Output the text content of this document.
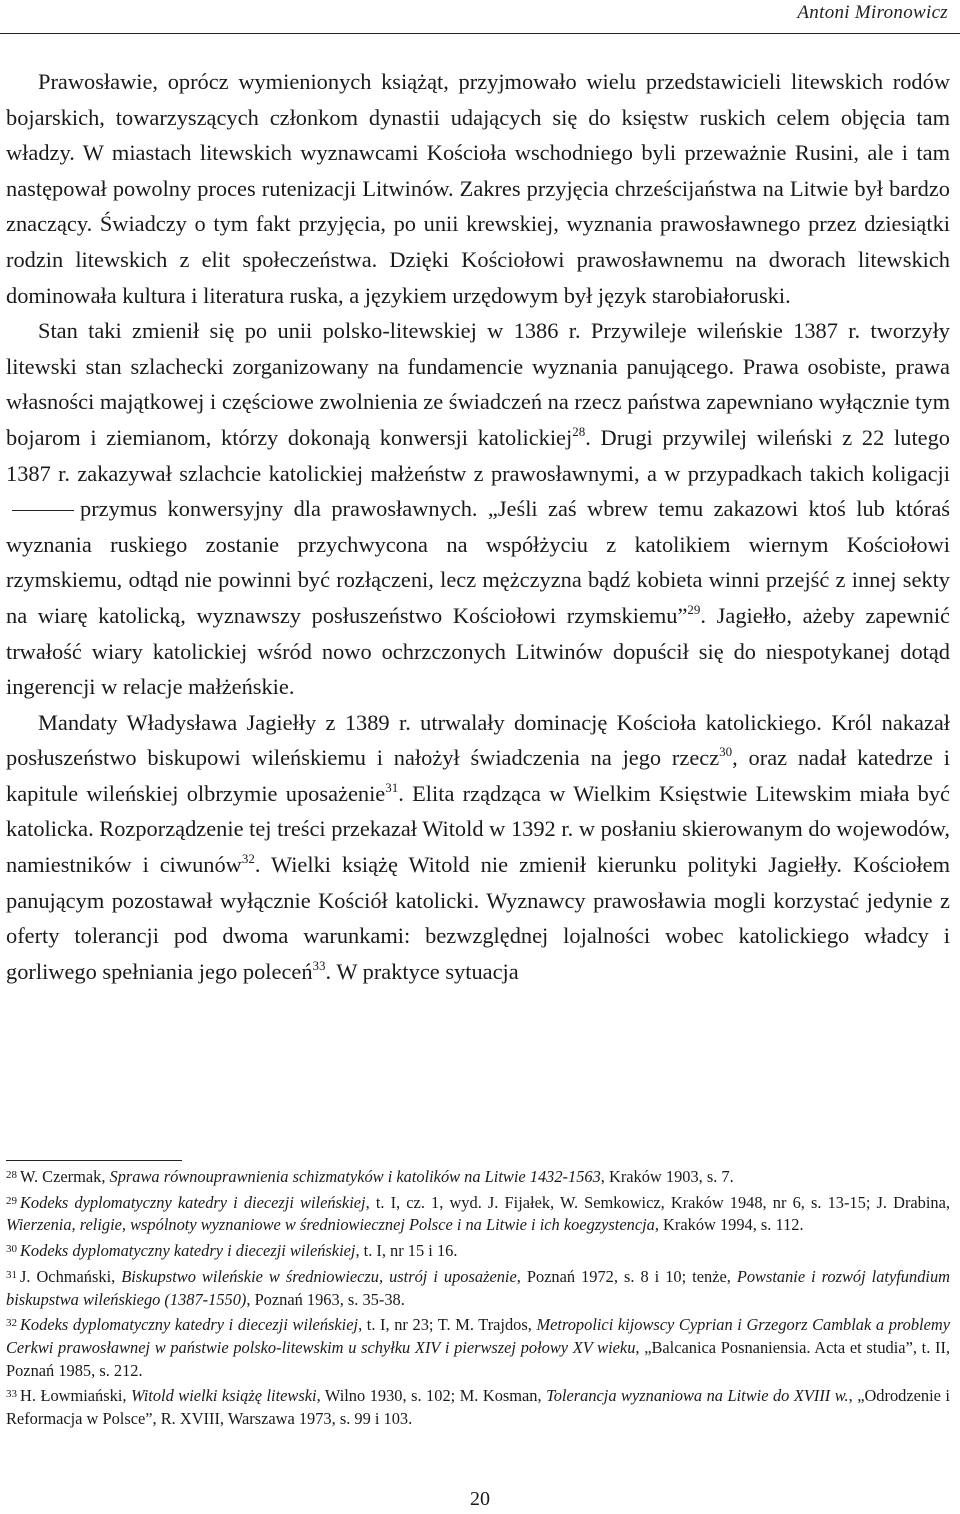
Antoni Mironowicz

Prawosławie, oprócz wymienionych książąt, przyjmowało wielu przedstawicieli litewskich rodów bojarskich, towarzyszących członkom dynastii udających się do księstw ruskich celem objęcia tam władzy. W miastach litewskich wyznawcami Kościoła wschodniego byli przeważnie Rusini, ale i tam następował powolny proces rutenizacji Litwinów. Zakres przyjęcia chrześcijaństwa na Litwie był bardzo znaczący. Świadczy o tym fakt przyjęcia, po unii krewskiej, wyznania prawosławnego przez dziesiątki rodzin litewskich z elit społeczeństwa. Dzięki Kościołowi prawosławnemu na dworach litewskich dominowała kultura i literatura ruska, a językiem urzędowym był język starobiałoruski.

Stan taki zmienił się po unii polsko-litewskiej w 1386 r. Przywileje wileńskie 1387 r. tworzyły litewski stan szlachecki zorganizowany na fundamencie wyznania panującego. Prawa osobiste, prawa własności majątkowej i częściowe zwolnienia ze świadczeń na rzecz państwa zapewniano wyłącznie tym bojarom i ziemianom, którzy dokonają konwersji katolickiej$^{28}$. Drugi przywilej wileński z 22 lutego 1387 r. zakazywał szlachcie katolickiej małżeństw z prawosławnymi, a w przypadkach takich koligacjiprzymus konwersyjny dla prawosławnych. „Jeśli zaś wbrew temu zakazowi ktoś lub któraś wyznania ruskiego zostanie przychwycona na współżyciu z katolikiem wiernym Kościołowi rzymskiemu, odtąd nie powinni być rozłączeni, lecz mężczyzna bądź kobieta winni przejść z innej sekty na wiarę katolicką, wyznawszy posłuszeństwo Kościołowi rzymskiemu”$^{29}$. Jagiełło, ażeby zapewnić trwałość wiary katolickiej wśród nowo ochrzczonych Litwinów dopuścił się do niespotykanej dotąd ingerencji w relacje małżeńskie.

Mandaty Władysława Jagiełły z 1389 r. utrwalały dominację Kościoła katolickiego. Król nakazał posłuszeństwo biskupowi wileńskiemu i nałożył świadczenia na jego rzecz$^{30}$, oraz nadał katedrze i kapitule wileńskiej olbrzymie uposażenie$^{31}$. Elita rządząca w Wielkim Księstwie Litewskim miała być katolicka. Rozporządzenie tej treści przekazał Witold w 1392 r. w posłaniu skierowanym do wojewodów, namiestników i ciwunów$^{32}$. Wielki książę Witold nie zmienił kierunku polityki Jagiełły. Kościołem panującym pozostawał wyłącznie Kościół katolicki. Wyznawcy prawosławia mogli korzystać jedynie z oferty tolerancji pod dwoma warunkami: bezwzględnej lojalności wobec katolickiego władcy i gorliwego spełniania jego poleceń$^{33}$. W praktyce sytuacja

$^{28}$ W. Czermak, Sprawa równouprawnienia schizmatyków i katolików na Litwie 1432-1563, Kraków 1903, s. 7.

$^{29}$ Kodeks dyplomatyczny katedry i diecezji wileńskiej, t. I, cz. 1, wyd. J. Fijałek, W. Semkowicz, Kraków 1948, nr 6, s. 13-15; J. Drabina, Wierzenia, religie, wspólnoty wyznaniowe w średniowiecznej Polsce i na Litwie i ich koegzystencja, Kraków 1994, s. 112.

$^{30}$ Kodeks dyplomatyczny katedry i diecezji wileńskiej, t. I, nr 15 i 16.

$^{31}$ J. Ochmański, Biskupstwo wileńskie w średniowieczu, ustrój i uposażenie, Poznań 1972, s. 8 i 10; tenże, Powstanie i rozwój latyfundium biskupstwa wileńskiego (1387-1550), Poznań 1963, s. 35-38.

$^{32}$ Kodeks dyplomatyczny katedry i diecezji wileńskiej, t. I, nr 23; T. M. Trajdos, Metropolici kijowscy Cyprian i Grzegorz Camblak a problemy Cerkwi prawosławnej w państwie polsko-litewskim u schyłku XIV i pierwszej połowy XV wieku, „Balcanica Posnaniensia. Acta et studia”, t. II, Poznań 1985, s. 212.

$^{33}$ H. Łowmiański, Witold wielki książę litewski, Wilno 1930, s. 102; M. Kosman, Tolerancja wyznaniowa na Litwie do XVIII w., „Odrodzenie i Reformacja w Polsce”, R. XVIII, Warszawa 1973, s. 99 i 103.

20
